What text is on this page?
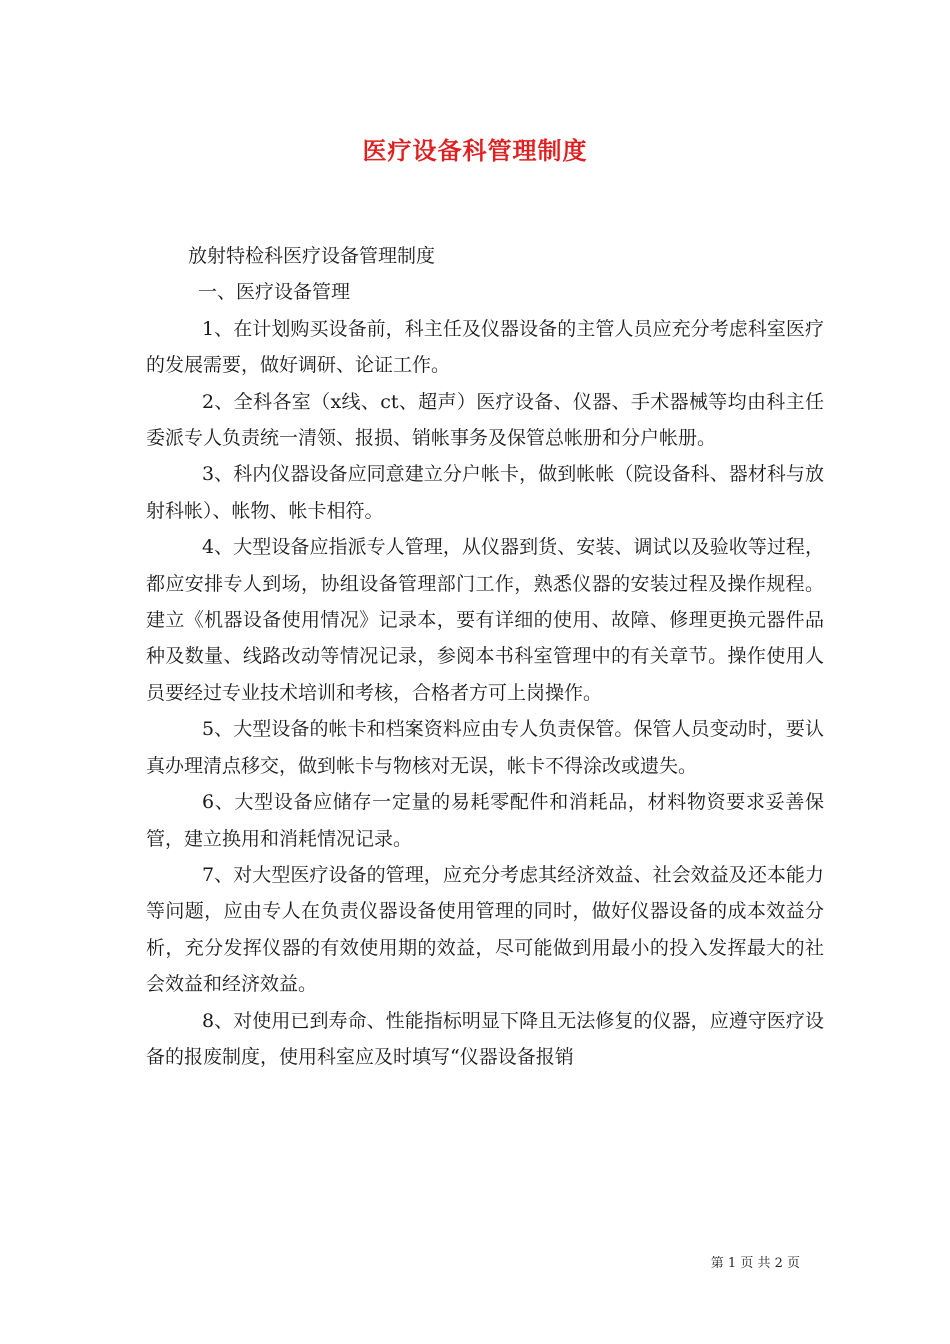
医疗设备科管理制度

放射特检科医疗设备管理制度

一、医疗设备管理

1、在计划购买设备前，科主任及仪器设备的主管人员应充分考虑科室医疗的发展需要，做好调研、论证工作。

2、全科各室（x线、ct、超声）医疗设备、仪器、手术器械等均由科主任委派专人负责统一清领、报损、销帐事务及保管总帐册和分户帐册。

3、科内仪器设备应同意建立分户帐卡，做到帐帐（院设备科、器材科与放射科帐）、帐物、帐卡相符。

4、大型设备应指派专人管理，从仪器到货、安装、调试以及验收等过程，都应安排专人到场，协组设备管理部门工作，熟悉仪器的安装过程及操作规程。建立《机器设备使用情况》记录本，要有详细的使用、故障、修理更换元器件品种及数量、线路改动等情况记录，参阅本书科室管理中的有关章节。操作使用人员要经过专业技术培训和考核，合格者方可上岗操作。

5、大型设备的帐卡和档案资料应由专人负责保管。保管人员变动时，要认真办理清点移交，做到帐卡与物核对无误，帐卡不得涂改或遗失。

6、大型设备应储存一定量的易耗零配件和消耗品，材料物资要求妥善保管，建立换用和消耗情况记录。

7、对大型医疗设备的管理，应充分考虑其经济效益、社会效益及还本能力等问题，应由专人在负责仪器设备使用管理的同时，做好仪器设备的成本效益分析，充分发挥仪器的有效使用期的效益，尽可能做到用最小的投入发挥最大的社会效益和经济效益。

8、对使用已到寿命、性能指标明显下降且无法修复的仪器，应遵守医疗设备的报废制度，使用科室应及时填写“仪器设备报销

第 1 页 共 2 页
